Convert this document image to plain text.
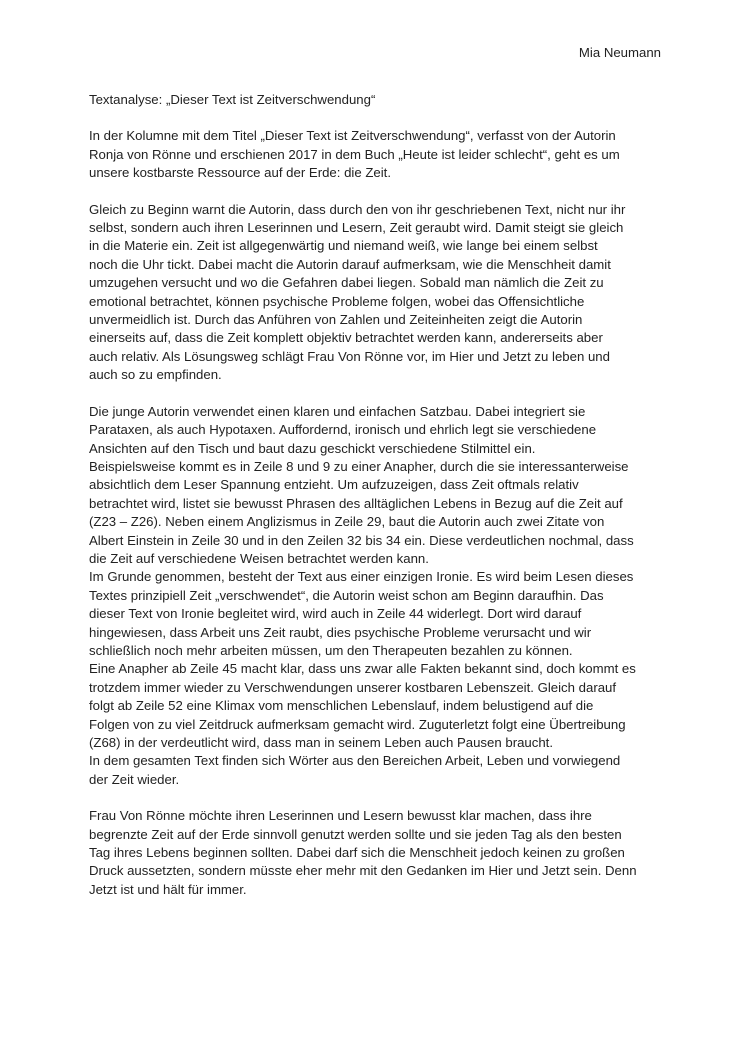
Mia Neumann

Textanalyse: „Dieser Text ist Zeitverschwendung“

In der Kolumne mit dem Titel „Dieser Text ist Zeitverschwendung“, verfasst von der Autorin

Ronja von Rönne und erschienen 2017 in dem Buch „Heute ist leider schlecht“, geht es um

unsere kostbarste Ressource auf der Erde: die Zeit.

Gleich zu Beginn warnt die Autorin, dass durch den von ihr geschriebenen Text, nicht nur ihr

selbst, sondern auch ihren Leserinnen und Lesern, Zeit geraubt wird. Damit steigt sie gleich

in die Materie ein. Zeit ist allgegenwärtig und niemand weiß, wie lange bei einem selbst

noch die Uhr tickt. Dabei macht die Autorin darauf aufmerksam, wie die Menschheit damit

umzugehen versucht und wo die Gefahren dabei liegen. Sobald man nämlich die Zeit zu

emotional betrachtet, können psychische Probleme folgen, wobei das Offensichtliche

unvermeidlich ist. Durch das Anführen von Zahlen und Zeiteinheiten zeigt die Autorin

einerseits auf, dass die Zeit komplett objektiv betrachtet werden kann, andererseits aber

auch relativ. Als Lösungsweg schlägt Frau Von Rönne vor, im Hier und Jetzt zu leben und

auch so zu empfinden.

Die junge Autorin verwendet einen klaren und einfachen Satzbau. Dabei integriert sie

Parataxen, als auch Hypotaxen. Auffordernd, ironisch und ehrlich legt sie verschiedene

Ansichten auf den Tisch und baut dazu geschickt verschiedene Stilmittel ein.

Beispielsweise kommt es in Zeile 8 und 9 zu einer Anapher, durch die sie interessanterweise

absichtlich dem Leser Spannung entzieht. Um aufzuzeigen, dass Zeit oftmals relativ

betrachtet wird, listet sie bewusst Phrasen des alltäglichen Lebens in Bezug auf die Zeit auf

(Z23 – Z26). Neben einem Anglizismus in Zeile 29, baut die Autorin auch zwei Zitate von

Albert Einstein in Zeile 30 und in den Zeilen 32 bis 34 ein. Diese verdeutlichen nochmal, dass

die Zeit auf verschiedene Weisen betrachtet werden kann.

Im Grunde genommen, besteht der Text aus einer einzigen Ironie. Es wird beim Lesen dieses

Textes prinzipiell Zeit „verschwendet“, die Autorin weist schon am Beginn daraufhin. Das

dieser Text von Ironie begleitet wird, wird auch in Zeile 44 widerlegt. Dort wird darauf

hingewiesen, dass Arbeit uns Zeit raubt, dies psychische Probleme verursacht und wir

schließlich noch mehr arbeiten müssen, um den Therapeuten bezahlen zu können.

Eine Anapher ab Zeile 45 macht klar, dass uns zwar alle Fakten bekannt sind, doch kommt es

trotzdem immer wieder zu Verschwendungen unserer kostbaren Lebenszeit. Gleich darauf

folgt ab Zeile 52 eine Klimax vom menschlichen Lebenslauf, indem belustigend auf die

Folgen von zu viel Zeitdruck aufmerksam gemacht wird. Zuguterletzt folgt eine Übertreibung

(Z68) in der verdeutlicht wird, dass man in seinem Leben auch Pausen braucht.

In dem gesamten Text finden sich Wörter aus den Bereichen Arbeit, Leben und vorwiegend

der Zeit wieder.

Frau Von Rönne möchte ihren Leserinnen und Lesern bewusst klar machen, dass ihre

begrenzte Zeit auf der Erde sinnvoll genutzt werden sollte und sie jeden Tag als den besten

Tag ihres Lebens beginnen sollten. Dabei darf sich die Menschheit jedoch keinen zu großen

Druck aussetzten, sondern müsste eher mehr mit den Gedanken im Hier und Jetzt sein. Denn

Jetzt ist und hält für immer.
